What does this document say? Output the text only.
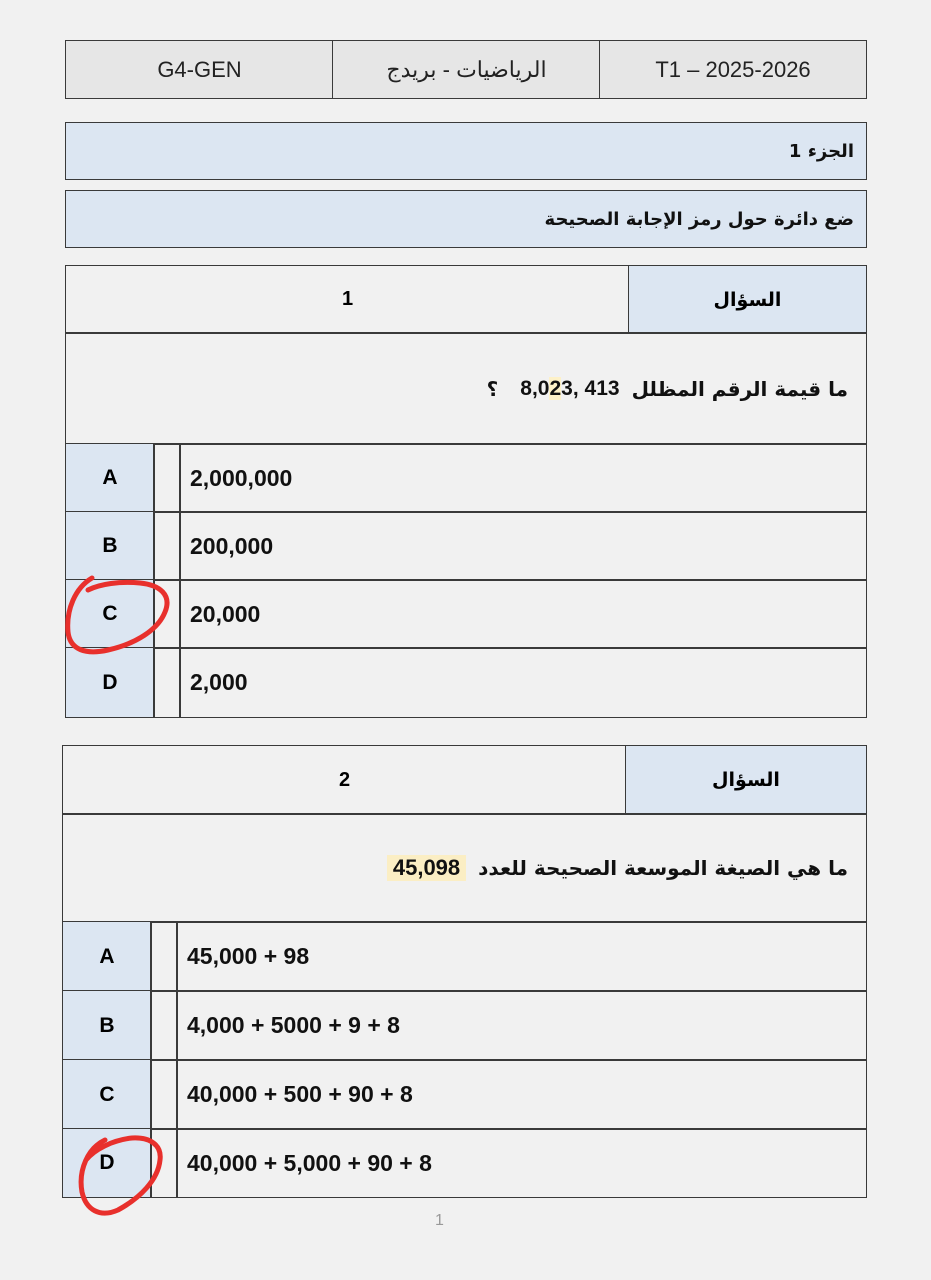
G4-GEN	الرياضيات - بريدج	T1 – 2025-2026
الجزء 1
ضع دائرة حول رمز الإجابة الصحيحة
1	السؤال
ما قيمة الرقم المظلل
8,023, 413
؟
A	2,000,000
B	200,000
C	20,000
D	2,000
2	السؤال
ما هي الصيغة الموسعة الصحيحة للعدد
45,098
A	45,000 + 98
B	4,000 + 5000 + 9 + 8
C	40,000 + 500 + 90 + 8
D	40,000 + 5,000 + 90 + 8
1
